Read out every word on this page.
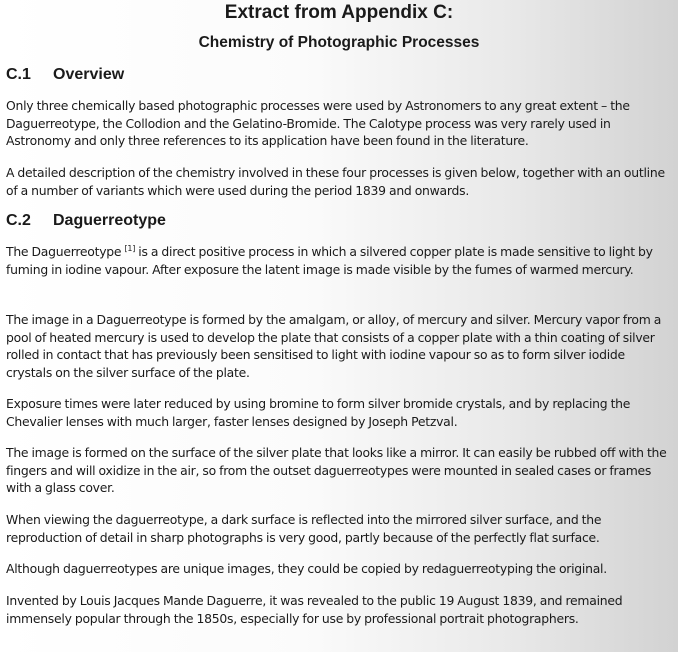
Extract from Appendix C:
Chemistry of Photographic Processes
C.1 Overview

Only three chemically based photographic processes were used by Astronomers to any great extent – the Daguerreotype, the Collodion and the Gelatino-Bromide. The Calotype process was very rarely used in Astronomy and only three references to its application have been found in the literature.

A detailed description of the chemistry involved in these four processes is given below, together with an outline of a number of variants which were used during the period 1839 and onwards.

C.2 Daguerreotype

The Daguerreotype [1] is a direct positive process in which a silvered copper plate is made sensitive to light by fuming in iodine vapour. After exposure the latent image is made visible by the fumes of warmed mercury.

The image in a Daguerreotype is formed by the amalgam, or alloy, of mercury and silver. Mercury vapor from a pool of heated mercury is used to develop the plate that consists of a copper plate with a thin coating of silver rolled in contact that has previously been sensitised to light with iodine vapour so as to form silver iodide crystals on the silver surface of the plate.

Exposure times were later reduced by using bromine to form silver bromide crystals, and by replacing the Chevalier lenses with much larger, faster lenses designed by Joseph Petzval.

The image is formed on the surface of the silver plate that looks like a mirror. It can easily be rubbed off with the fingers and will oxidize in the air, so from the outset daguerreotypes were mounted in sealed cases or frames with a glass cover.

When viewing the daguerreotype, a dark surface is reflected into the mirrored silver surface, and the reproduction of detail in sharp photographs is very good, partly because of the perfectly flat surface.

Although daguerreotypes are unique images, they could be copied by redaguerreotyping the original.

Invented by Louis Jacques Mande Daguerre, it was revealed to the public 19 August 1839, and remained immensely popular through the 1850s, especially for use by professional portrait photographers.
